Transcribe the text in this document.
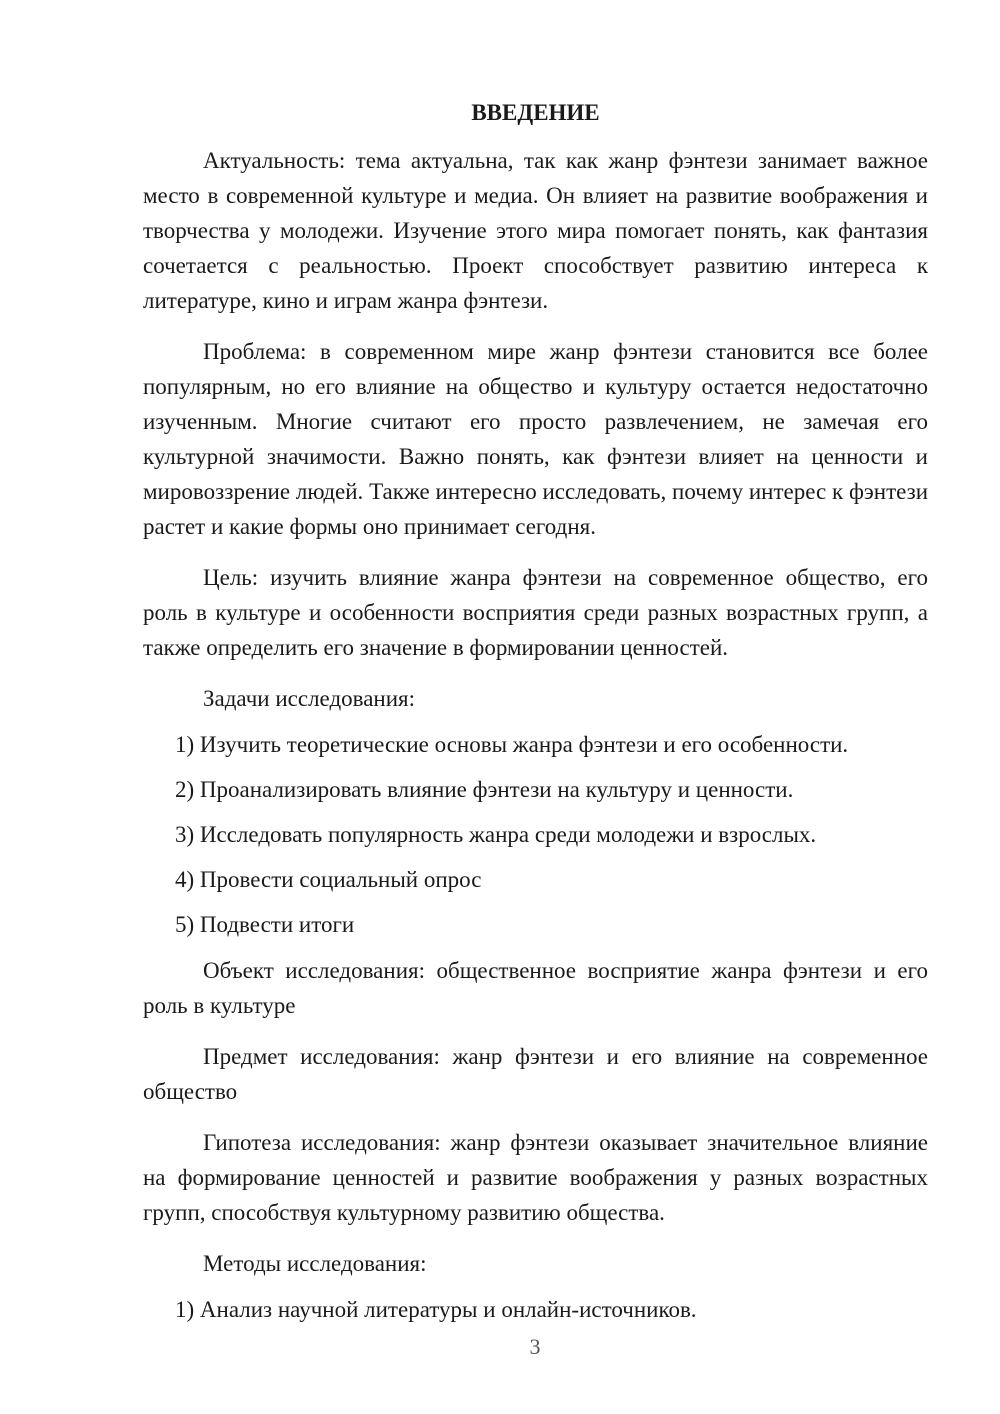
ВВЕДЕНИЕ

Актуальность: тема актуальна, так как жанр фэнтези занимает важное место в современной культуре и медиа. Он влияет на развитие воображения и творчества у молодежи. Изучение этого мира помогает понять, как фантазия сочетается с реальностью. Проект способствует развитию интереса к литературе, кино и играм жанра фэнтези.

Проблема: в современном мире жанр фэнтези становится все более популярным, но его влияние на общество и культуру остается недостаточно изученным. Многие считают его просто развлечением, не замечая его культурной значимости. Важно понять, как фэнтези влияет на ценности и мировоззрение людей. Также интересно исследовать, почему интерес к фэнтези растет и какие формы оно принимает сегодня.

Цель: изучить влияние жанра фэнтези на современное общество, его роль в культуре и особенности восприятия среди разных возрастных групп, а также определить его значение в формировании ценностей.

Задачи исследования:
1) Изучить теоретические основы жанра фэнтези и его особенности.
2) Проанализировать влияние фэнтези на культуру и ценности.
3) Исследовать популярность жанра среди молодежи и взрослых.
4) Провести социальный опрос
5) Подвести итоги

Объект исследования: общественное восприятие жанра фэнтези и его роль в культуре

Предмет исследования: жанр фэнтези и его влияние на современное общество

Гипотеза исследования: жанр фэнтези оказывает значительное влияние на формирование ценностей и развитие воображения у разных возрастных групп, способствуя культурному развитию общества.

Методы исследования:
1) Анализ научной литературы и онлайн-источников.
3
